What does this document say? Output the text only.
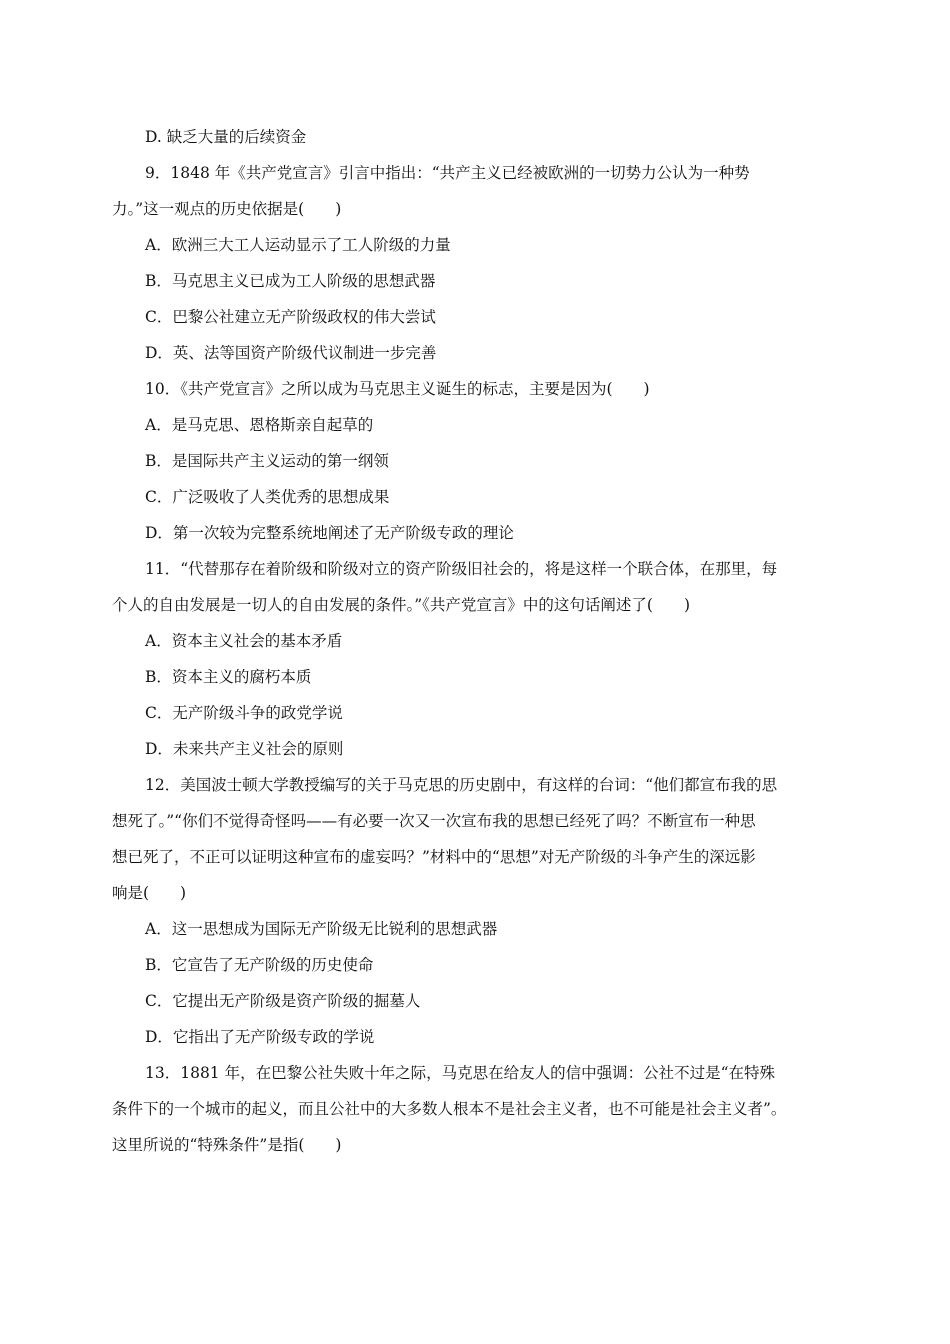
D. 缺乏大量的后续资金
9．1848 年《共产党宣言》引言中指出：“共产主义已经被欧洲的一切势力公认为一种势
力。”这一观点的历史依据是(　　)
A．欧洲三大工人运动显示了工人阶级的力量
B．马克思主义已成为工人阶级的思想武器
C．巴黎公社建立无产阶级政权的伟大尝试
D．英、法等国资产阶级代议制进一步完善
10．《共产党宣言》之所以成为马克思主义诞生的标志，主要是因为(　　)
A．是马克思、恩格斯亲自起草的
B．是国际共产主义运动的第一纲领
C．广泛吸收了人类优秀的思想成果
D．第一次较为完整系统地阐述了无产阶级专政的理论
11．“代替那存在着阶级和阶级对立的资产阶级旧社会的，将是这样一个联合体，在那里，每
个人的自由发展是一切人的自由发展的条件。”《共产党宣言》中的这句话阐述了(　　)
A．资本主义社会的基本矛盾
B．资本主义的腐朽本质
C．无产阶级斗争的政党学说
D．未来共产主义社会的原则
12．美国波士顿大学教授编写的关于马克思的历史剧中，有这样的台词：“他们都宣布我的思
想死了。”“你们不觉得奇怪吗——有必要一次又一次宣布我的思想已经死了吗？不断宣布一种思
想已死了，不正可以证明这种宣布的虚妄吗？”材料中的“思想”对无产阶级的斗争产生的深远影
响是(　　)
A．这一思想成为国际无产阶级无比锐利的思想武器
B．它宣告了无产阶级的历史使命
C．它提出无产阶级是资产阶级的掘墓人
D．它指出了无产阶级专政的学说
13．1881 年，在巴黎公社失败十年之际，马克思在给友人的信中强调：公社不过是“在特殊
条件下的一个城市的起义，而且公社中的大多数人根本不是社会主义者，也不可能是社会主义者”。
这里所说的“特殊条件”是指(　　)
